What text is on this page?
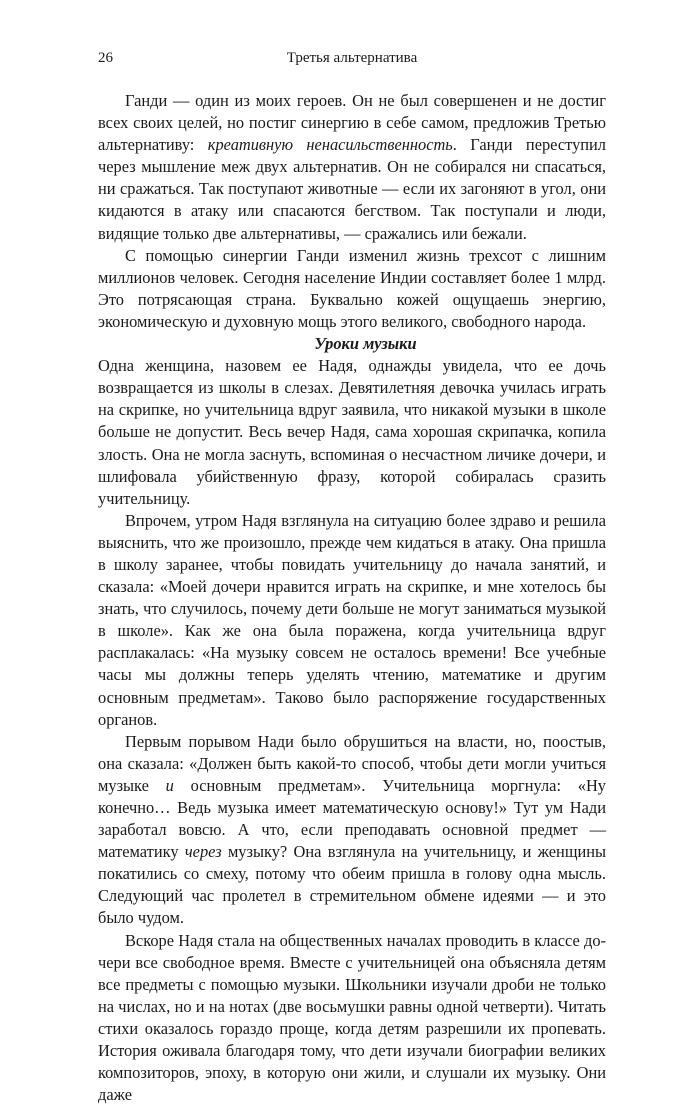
26	Третья альтернатива

Ганди — один из моих героев. Он не был совершенен и не достиг всех своих целей, но постиг синергию в себе самом, предложив Третью альтернативу: креативную ненасильственность. Ганди переступил через мышление меж двух альтернатив. Он не собирался ни спасаться, ни сражаться. Так поступают животные — если их загоняют в угол, они кидаются в атаку или спасаются бегством. Так поступали и люди, видящие только две альтернативы, — сражались или бежали.

С помощью синергии Ганди изменил жизнь трехсот с лишним миллионов человек. Сегодня население Индии составляет более 1 млрд. Это потрясающая страна. Буквально кожей ощущаешь энергию, экономическую и духовную мощь этого великого, свободного народа.

Уроки музыки

Одна женщина, назовем ее Надя, однажды увидела, что ее дочь возвращается из школы в слезах. Девятилетняя девочка училась играть на скрипке, но учительница вдруг заявила, что никакой музыки в школе больше не допустит. Весь вечер Надя, сама хорошая скрипачка, копила злость. Она не могла заснуть, вспоминая о несчастном личике дочери, и шлифовала убийственную фразу, которой собиралась сразить учительницу.

Впрочем, утром Надя взглянула на ситуацию более здраво и решила выяснить, что же произошло, прежде чем кидаться в атаку. Она пришла в школу заранее, чтобы повидать учительницу до начала занятий, и сказала: «Моей дочери нравится играть на скрипке, и мне хотелось бы знать, что случилось, почему дети больше не могут заниматься музыкой в школе». Как же она была поражена, когда учительница вдруг расплакалась: «На музыку совсем не осталось времени! Все учебные часы мы должны теперь уделять чтению, математике и другим основным предметам». Таково было распоряжение государственных органов.

Первым порывом Нади было обрушиться на власти, но, поостыв, она сказала: «Должен быть какой-то способ, чтобы дети могли учиться музыке и основным предметам». Учительница моргнула: «Ну конечно… Ведь музыка имеет математическую основу!» Тут ум Нади заработал вовсю. А что, если преподавать основной предмет — математику через музыку? Она взглянула на учительницу, и женщины покатились со смеху, потому что обеим пришла в голову одна мысль. Следующий час пролетел в стремительном обмене идеями — и это было чудом.

Вскоре Надя стала на общественных началах проводить в классе дочери все свободное время. Вместе с учительницей она объясняла детям все предметы с помощью музыки. Школьники изучали дроби не только на числах, но и на нотах (две восьмушки равны одной четверти). Читать стихи оказалось гораздо проще, когда детям разрешили их пропевать. История оживала благодаря тому, что дети изучали биографии великих композиторов, эпоху, в которую они жили, и слушали их музыку. Они даже
